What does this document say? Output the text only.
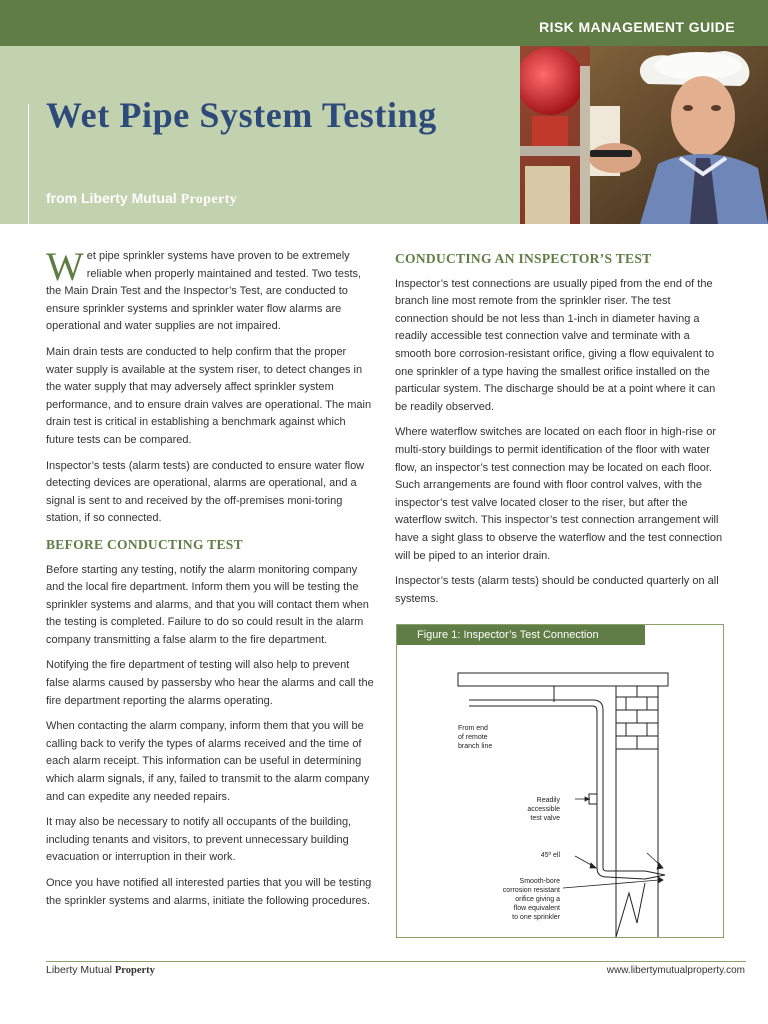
RISK MANAGEMENT GUIDE
Wet Pipe System Testing
from Liberty Mutual Property

Wet pipe sprinkler systems have proven to be extremely reliable when properly maintained and tested. Two tests, the Main Drain Test and the Inspector’s Test, are conducted to ensure sprinkler systems and sprinkler water flow alarms are operational and water supplies are not impaired.

Main drain tests are conducted to help confirm that the proper water supply is available at the system riser, to detect changes in the water supply that may adversely affect sprinkler system performance, and to ensure drain valves are operational. The main drain test is critical in establishing a benchmark against which future tests can be compared.

Inspector’s tests (alarm tests) are conducted to ensure water flow detecting devices are operational, alarms are operational, and a signal is sent to and received by the off-premises moni-toring station, if so connected.

BEFORE CONDUCTING TEST

Before starting any testing, notify the alarm monitoring company and the local fire department. Inform them you will be testing the sprinkler systems and alarms, and that you will contact them when the testing is completed. Failure to do so could result in the alarm company transmitting a false alarm to the fire department.

Notifying the fire department of testing will also help to prevent false alarms caused by passersby who hear the alarms and call the fire department reporting the alarms operating.

When contacting the alarm company, inform them that you will be calling back to verify the types of alarms received and the time of each alarm receipt. This information can be useful in determining which alarm signals, if any, failed to transmit to the alarm company and can expedite any needed repairs.

It may also be necessary to notify all occupants of the building, including tenants and visitors, to prevent unnecessary building evacuation or interruption in their work.

Once you have notified all interested parties that you will be testing the sprinkler systems and alarms, initiate the following procedures.

CONDUCTING AN INSPECTOR’S TEST

Inspector’s test connections are usually piped from the end of the branch line most remote from the sprinkler riser. The test connection should be not less than 1-inch in diameter having a readily accessible test connection valve and terminate with a smooth bore corrosion-resistant orifice, giving a flow equivalent to one sprinkler of a type having the smallest orifice installed on the particular system. The discharge should be at a point where it can be readily observed.

Where waterflow switches are located on each floor in high-rise or multi-story buildings to permit identification of the floor with water flow, an inspector’s test connection may be located on each floor. Such arrangements are found with floor control valves, with the inspector’s test valve located closer to the riser, but after the waterflow switch. This inspector’s test connection arrangement will have a sight glass to observe the waterflow and the test connection will be piped to an interior drain.

Inspector’s tests (alarm tests) should be conducted quarterly on all systems.

Figure 1: Inspector’s Test Connection
From end
of remote
branch line
Readily
accessible
test valve
45º ell
Smooth-bore
corrosion resistant
orifice giving a
flow equivalent
to one sprinkler
Liberty Mutual Property	www.libertymutualproperty.com
